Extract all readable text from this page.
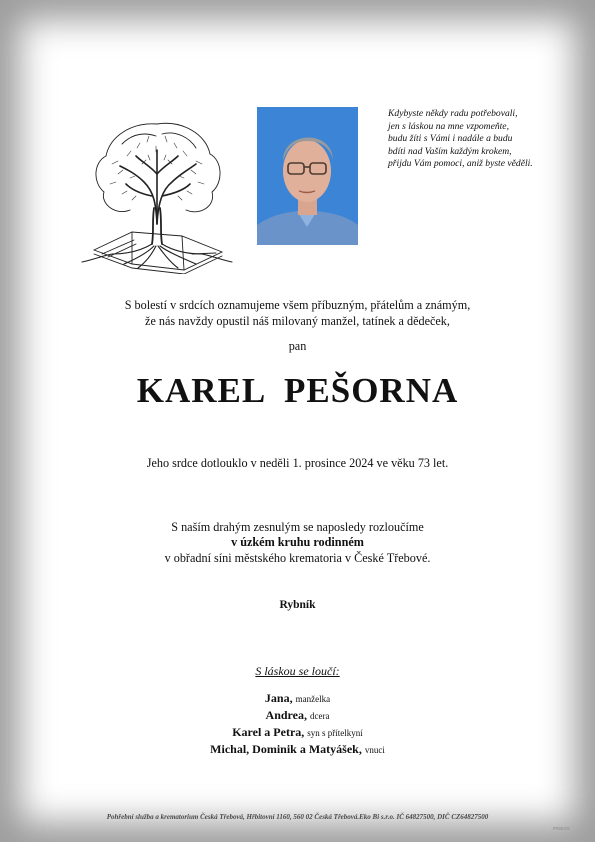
Kdybyste někdy radu potřebovali,
jen s láskou na mne vzpomeňte,
budu žíti s Vámi i nadále a budu
bdíti nad Vaším každým krokem,
přijdu Vám pomoci, aniž byste věděli.
S bolestí v srdcích oznamujeme všem příbuzným, přátelům a známým,
že nás navždy opustil náš milovaný manžel, tatínek a dědeček,
pan
KAREL PEŠORNA
Jeho srdce dotlouklo v neděli 1. prosince 2024 ve věku 73 let.
S naším drahým zesnulým se naposledy rozloučíme
v úzkém kruhu rodinném
v obřadní síni městského krematoria v České Třebové.
Rybník
S láskou se loučí:
Jana, manželka
Andrea, dcera
Karel a Petra, syn s přítelkyní
Michal, Dominik a Matyášek, vnuci
Pohřební služba a krematorium Česká Třebová, Hřbitovní 1160, 560 02 Česká Třebová.Eko Bi s.r.o. IČ 64827500, DIČ CZ64827500
P/NEOS
